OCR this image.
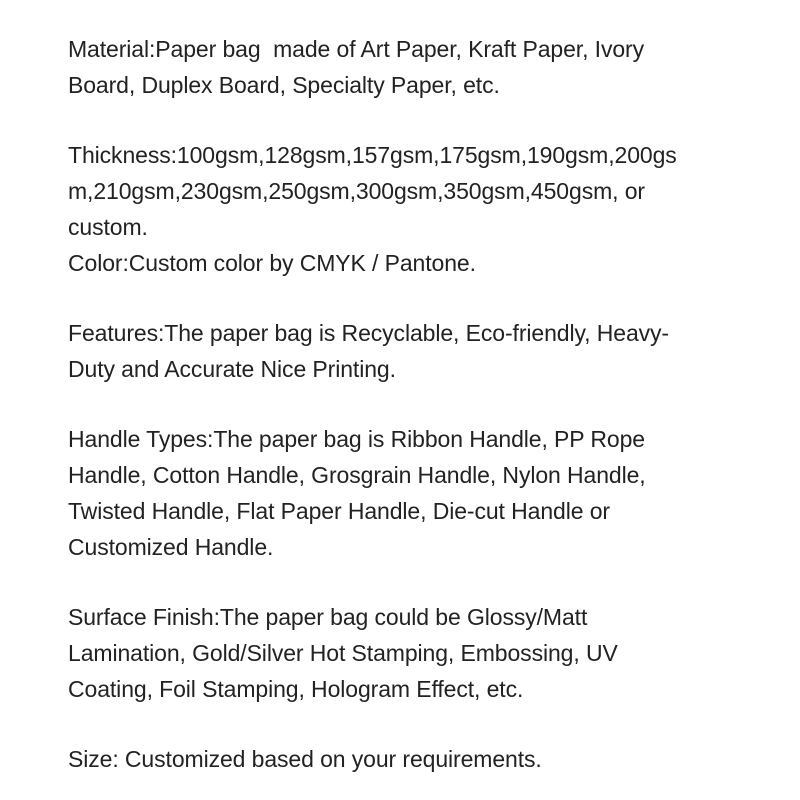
Material:Paper bag  made of Art Paper, Kraft Paper, Ivory
Board, Duplex Board, Specialty Paper, etc.
Thickness:100gsm,128gsm,157gsm,175gsm,190gsm,200gs
m,210gsm,230gsm,250gsm,300gsm,350gsm,450gsm, or
custom.
Color:Custom color by CMYK / Pantone.
Features:The paper bag is Recyclable, Eco-friendly, Heavy-
Duty and Accurate Nice Printing.
Handle Types:The paper bag is Ribbon Handle, PP Rope
Handle, Cotton Handle, Grosgrain Handle, Nylon Handle,
Twisted Handle, Flat Paper Handle, Die-cut Handle or
Customized Handle.
Surface Finish:The paper bag could be Glossy/Matt
Lamination, Gold/Silver Hot Stamping, Embossing, UV
Coating, Foil Stamping, Hologram Effect, etc.
Size: Customized based on your requirements.
